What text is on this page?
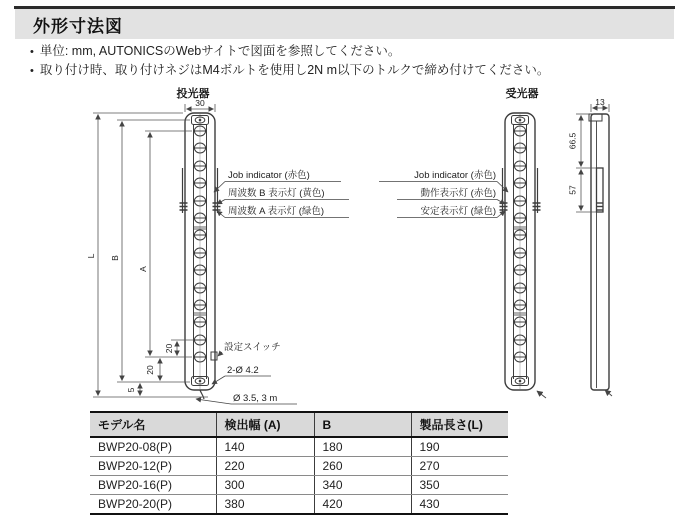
外形寸法図
• 単位: mm, AUTONICSのWebサイトで図面を参照してください。
• 取り付け時、取り付けネジはM4ボルトを使用し2N m以下のトルクで締め付けてください。
投光器	受光器
30
L B
A
20
20
5
13
66.5
57
Job indicator (赤色)
周波数 B 表示灯 (黄色)
周波数 A 表示灯 (緑色)
設定スイッチ
2-Ø 4.2
Ø 3.5, 3 m
Job indicator (赤色)
動作表示灯 (赤色)
安定表示灯 (緑色)
モデル名	検出幅 (A)	B	製品長さ(L)
BWP20-08(P)	140	180	190
BWP20-12(P)	220	260	270
BWP20-16(P)	300	340	350
BWP20-20(P)	380	420	430
